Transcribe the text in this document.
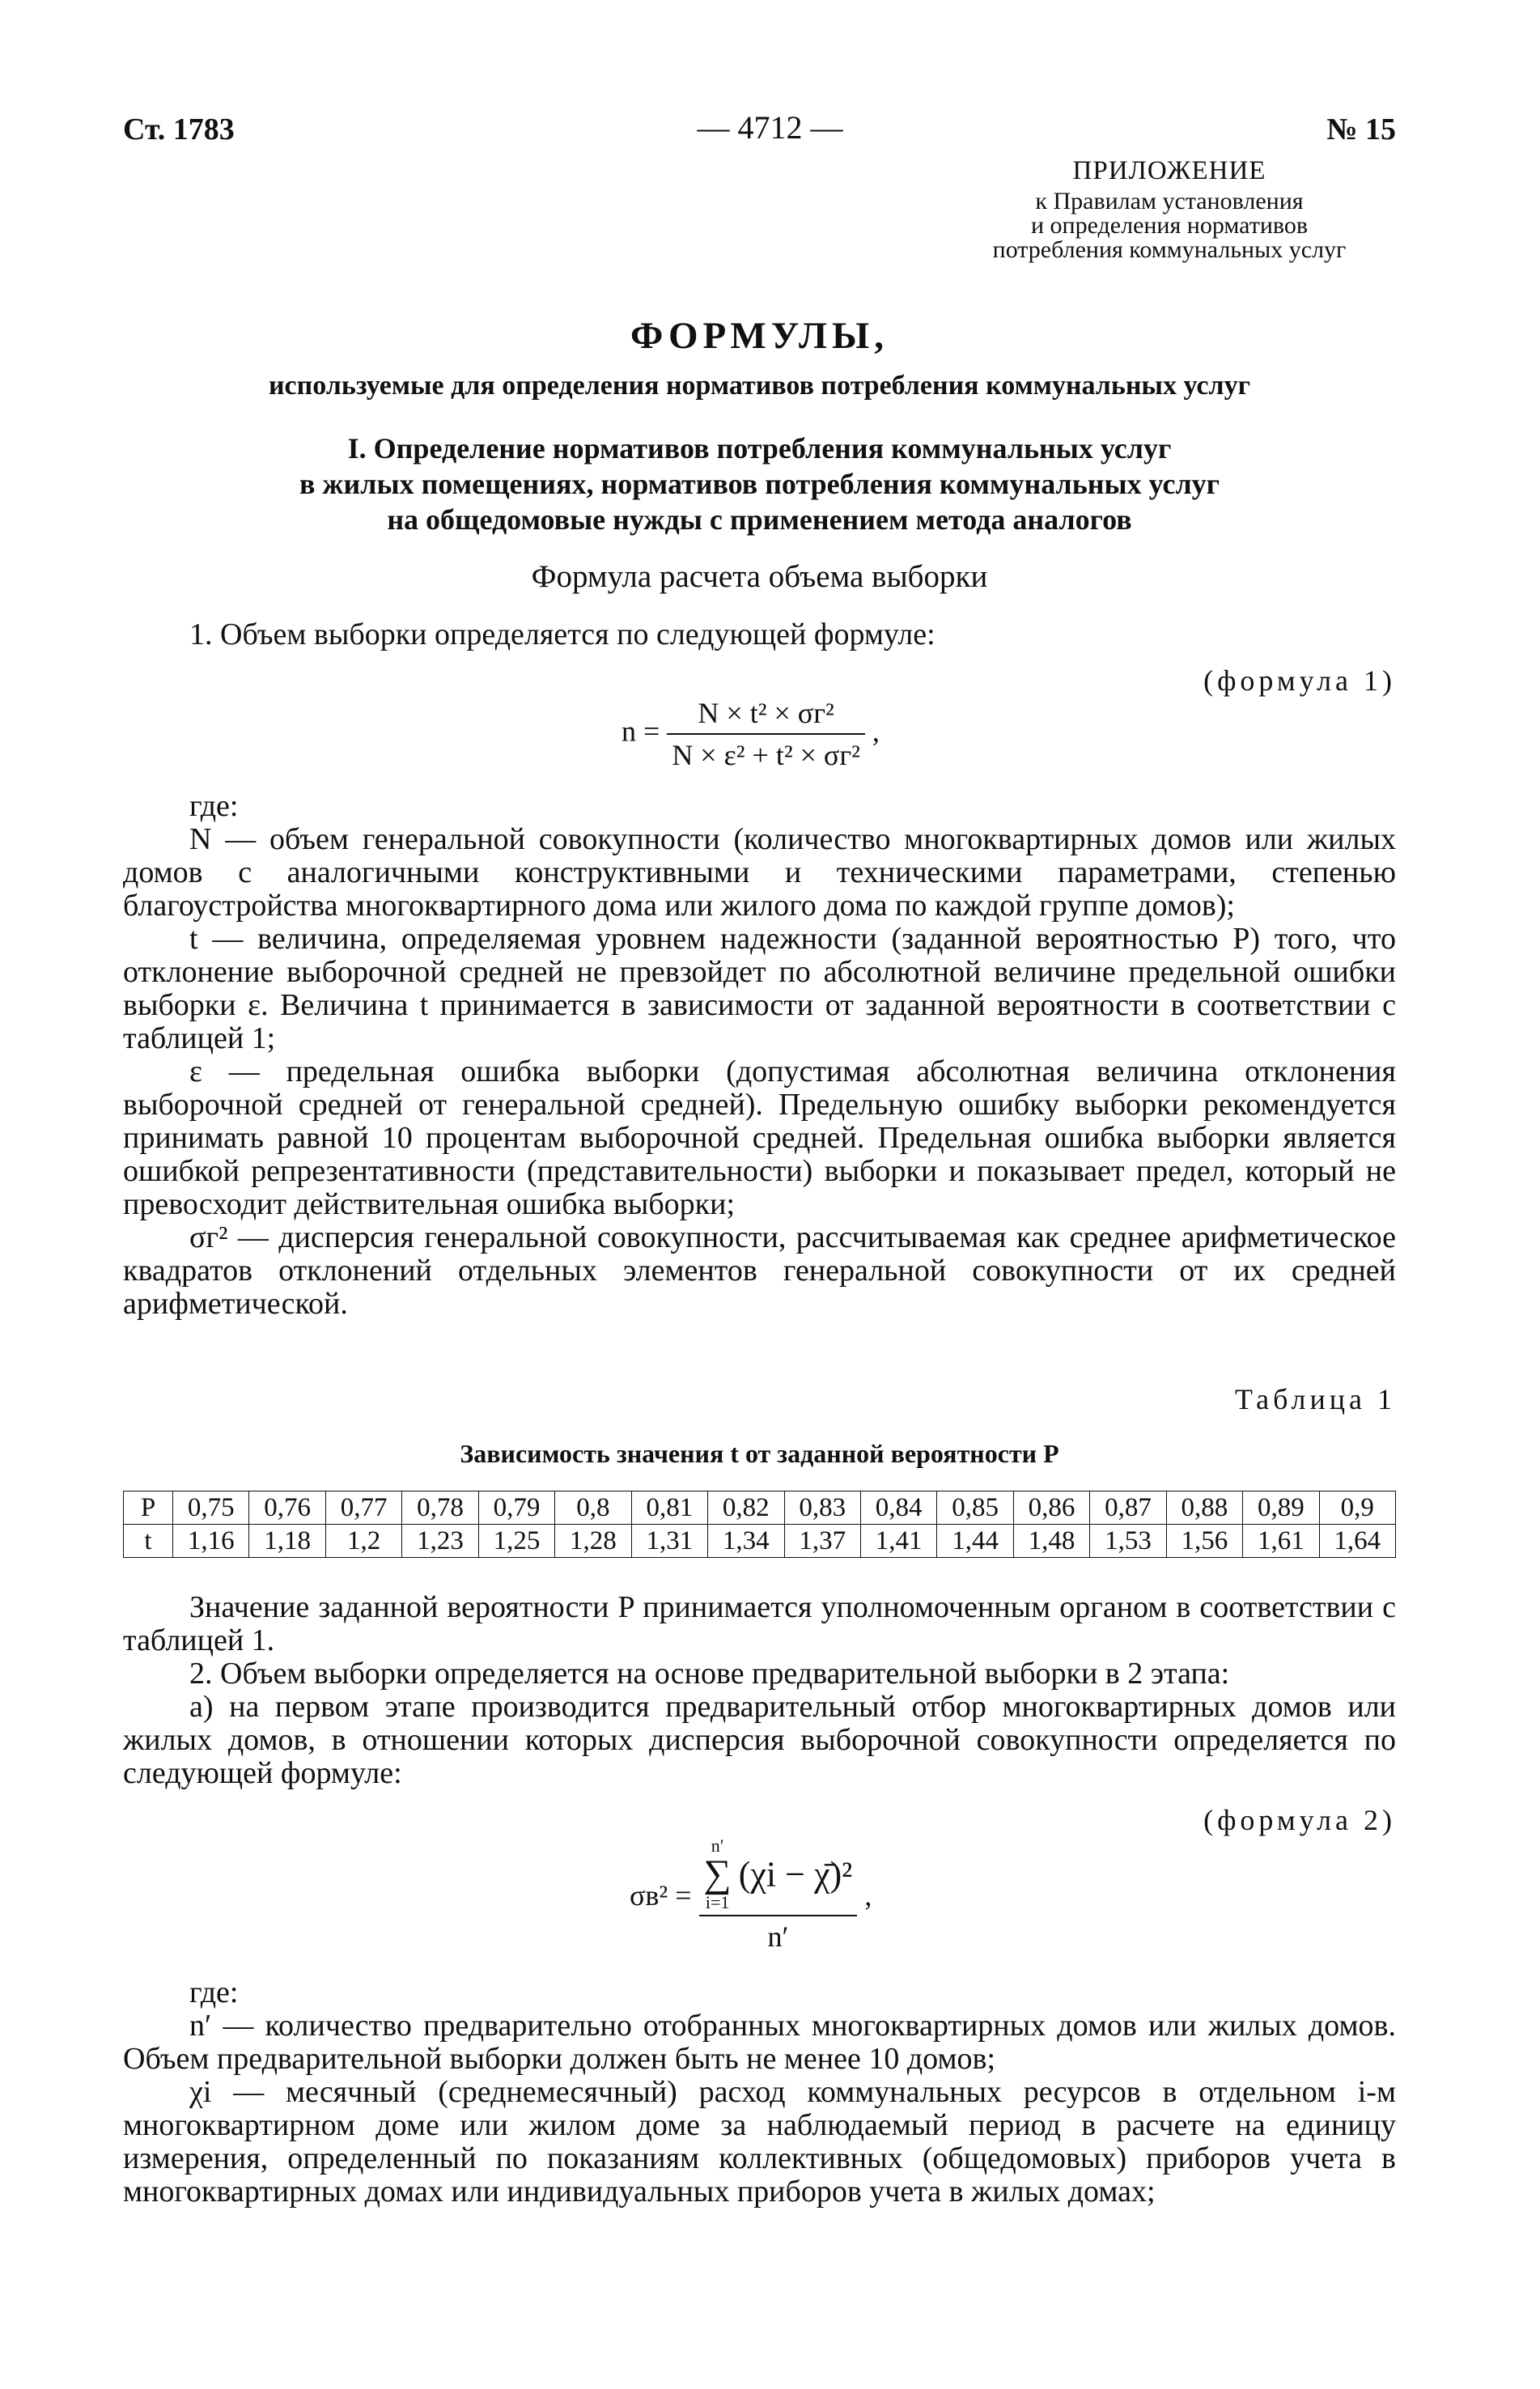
Ст. 1783	— 4712 —	№ 15
ПРИЛОЖЕНИЕ
к Правилам установления
и определения нормативов
потребления коммунальных услуг
ФОРМУЛЫ,
используемые для определения нормативов потребления коммунальных услуг
I. Определение нормативов потребления коммунальных услуг
в жилых помещениях, нормативов потребления коммунальных услуг
на общедомовые нужды с применением метода аналогов
Формула расчета объема выборки

1. Объем выборки определяется по следующей формуле:

(формула 1)
$n = \frac{\text{N × t² × σг²}}{\text{N × ε² + t² × σг²}}$ ,

где:

N — объем генеральной совокупности (количество многоквартирных домов или жилых домов с аналогичными конструктивными и техническими параметрами, степенью благоустройства многоквартирного дома или жилого дома по каждой группе домов);

t — величина, определяемая уровнем надежности (заданной вероятностью P) того, что отклонение выборочной средней не превзойдет по абсолютной величине предельной ошибки выборки ε. Величина t принимается в зависимости от заданной вероятности в соответствии с таблицей 1;

ε — предельная ошибка выборки (допустимая абсолютная величина отклонения выборочной средней от генеральной средней). Предельную ошибку выборки рекомендуется принимать равной 10 процентам выборочной средней. Предельная ошибка выборки является ошибкой репрезентативности (представительности) выборки и показывает предел, который не превосходит действительная ошибка выборки;

σг² — дисперсия генеральной совокупности, рассчитываемая как среднее арифметическое квадратов отклонений отдельных элементов генеральной совокупности от их средней арифметической.

Таблица 1
Зависимость значения t от заданной вероятности P
P	0,75	0,76	0,77	0,78	0,79	0,8	0,81	0,82	0,83	0,84	0,85	0,86	0,87	0,88	0,89	0,9
t	1,16	1,18	1,2	1,23	1,25	1,28	1,31	1,34	1,37	1,41	1,44	1,48	1,53	1,56	1,61	1,64

Значение заданной вероятности P принимается уполномоченным органом в соответствии с таблицей 1.

2. Объем выборки определяется на основе предварительной выборки в 2 этапа:

а) на первом этапе производится предварительный отбор многоквартирных домов или жилых домов, в отношении которых дисперсия выборочной совокупности определяется по следующей формуле:

(формула 2)
σв² = n′
∑
i=1
(χi − χ̄)²
n′ ,

где:

n′ — количество предварительно отобранных многоквартирных домов или жилых домов. Объем предварительной выборки должен быть не менее 10 домов;

χi — месячный (среднемесячный) расход коммунальных ресурсов в отдельном i-м многоквартирном доме или жилом доме за наблюдаемый период в расчете на единицу измерения, определенный по показаниям коллективных (общедомовых) приборов учета в многоквартирных домах или индивидуальных приборов учета в жилых домах;
